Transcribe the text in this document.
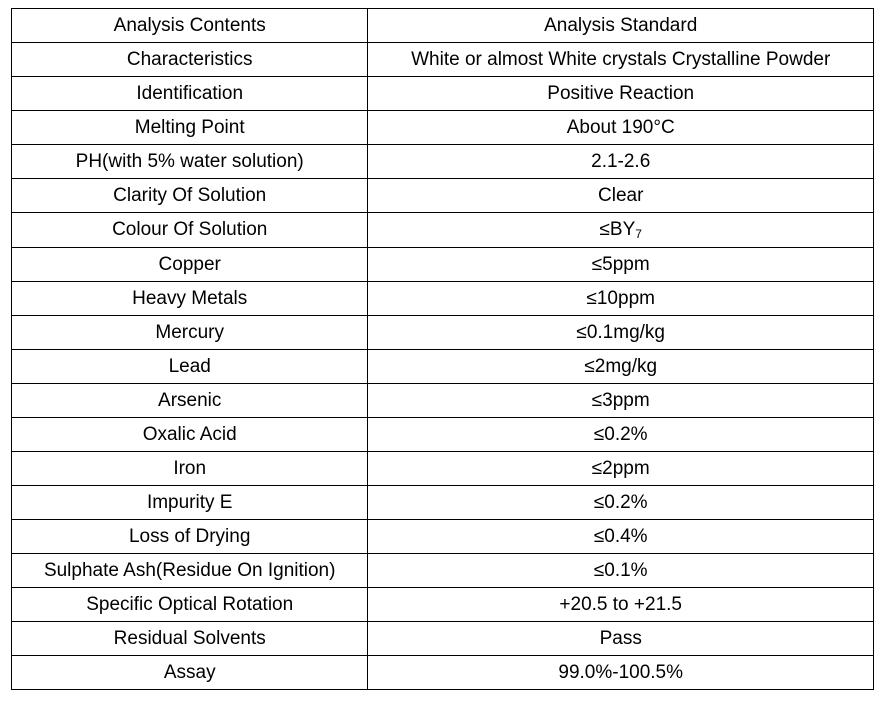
Analysis Contents	Analysis Standard
Characteristics	White or almost White crystals Crystalline Powder
Identification	Positive Reaction
Melting Point	About 190°C
PH(with 5% water solution)	2.1-2.6
Clarity Of Solution	Clear
Colour Of Solution	$\le BY_7$
Copper	≤5ppm
Heavy Metals	≤10ppm
Mercury	≤0.1mg/kg
Lead	≤2mg/kg
Arsenic	≤3ppm
Oxalic Acid	≤0.2%
Iron	≤2ppm
Impurity E	≤0.2%
Loss of Drying	≤0.4%
Sulphate Ash(Residue On Ignition)	≤0.1%
Specific Optical Rotation	+20.5 to +21.5
Residual Solvents	Pass
Assay	99.0%-100.5%
